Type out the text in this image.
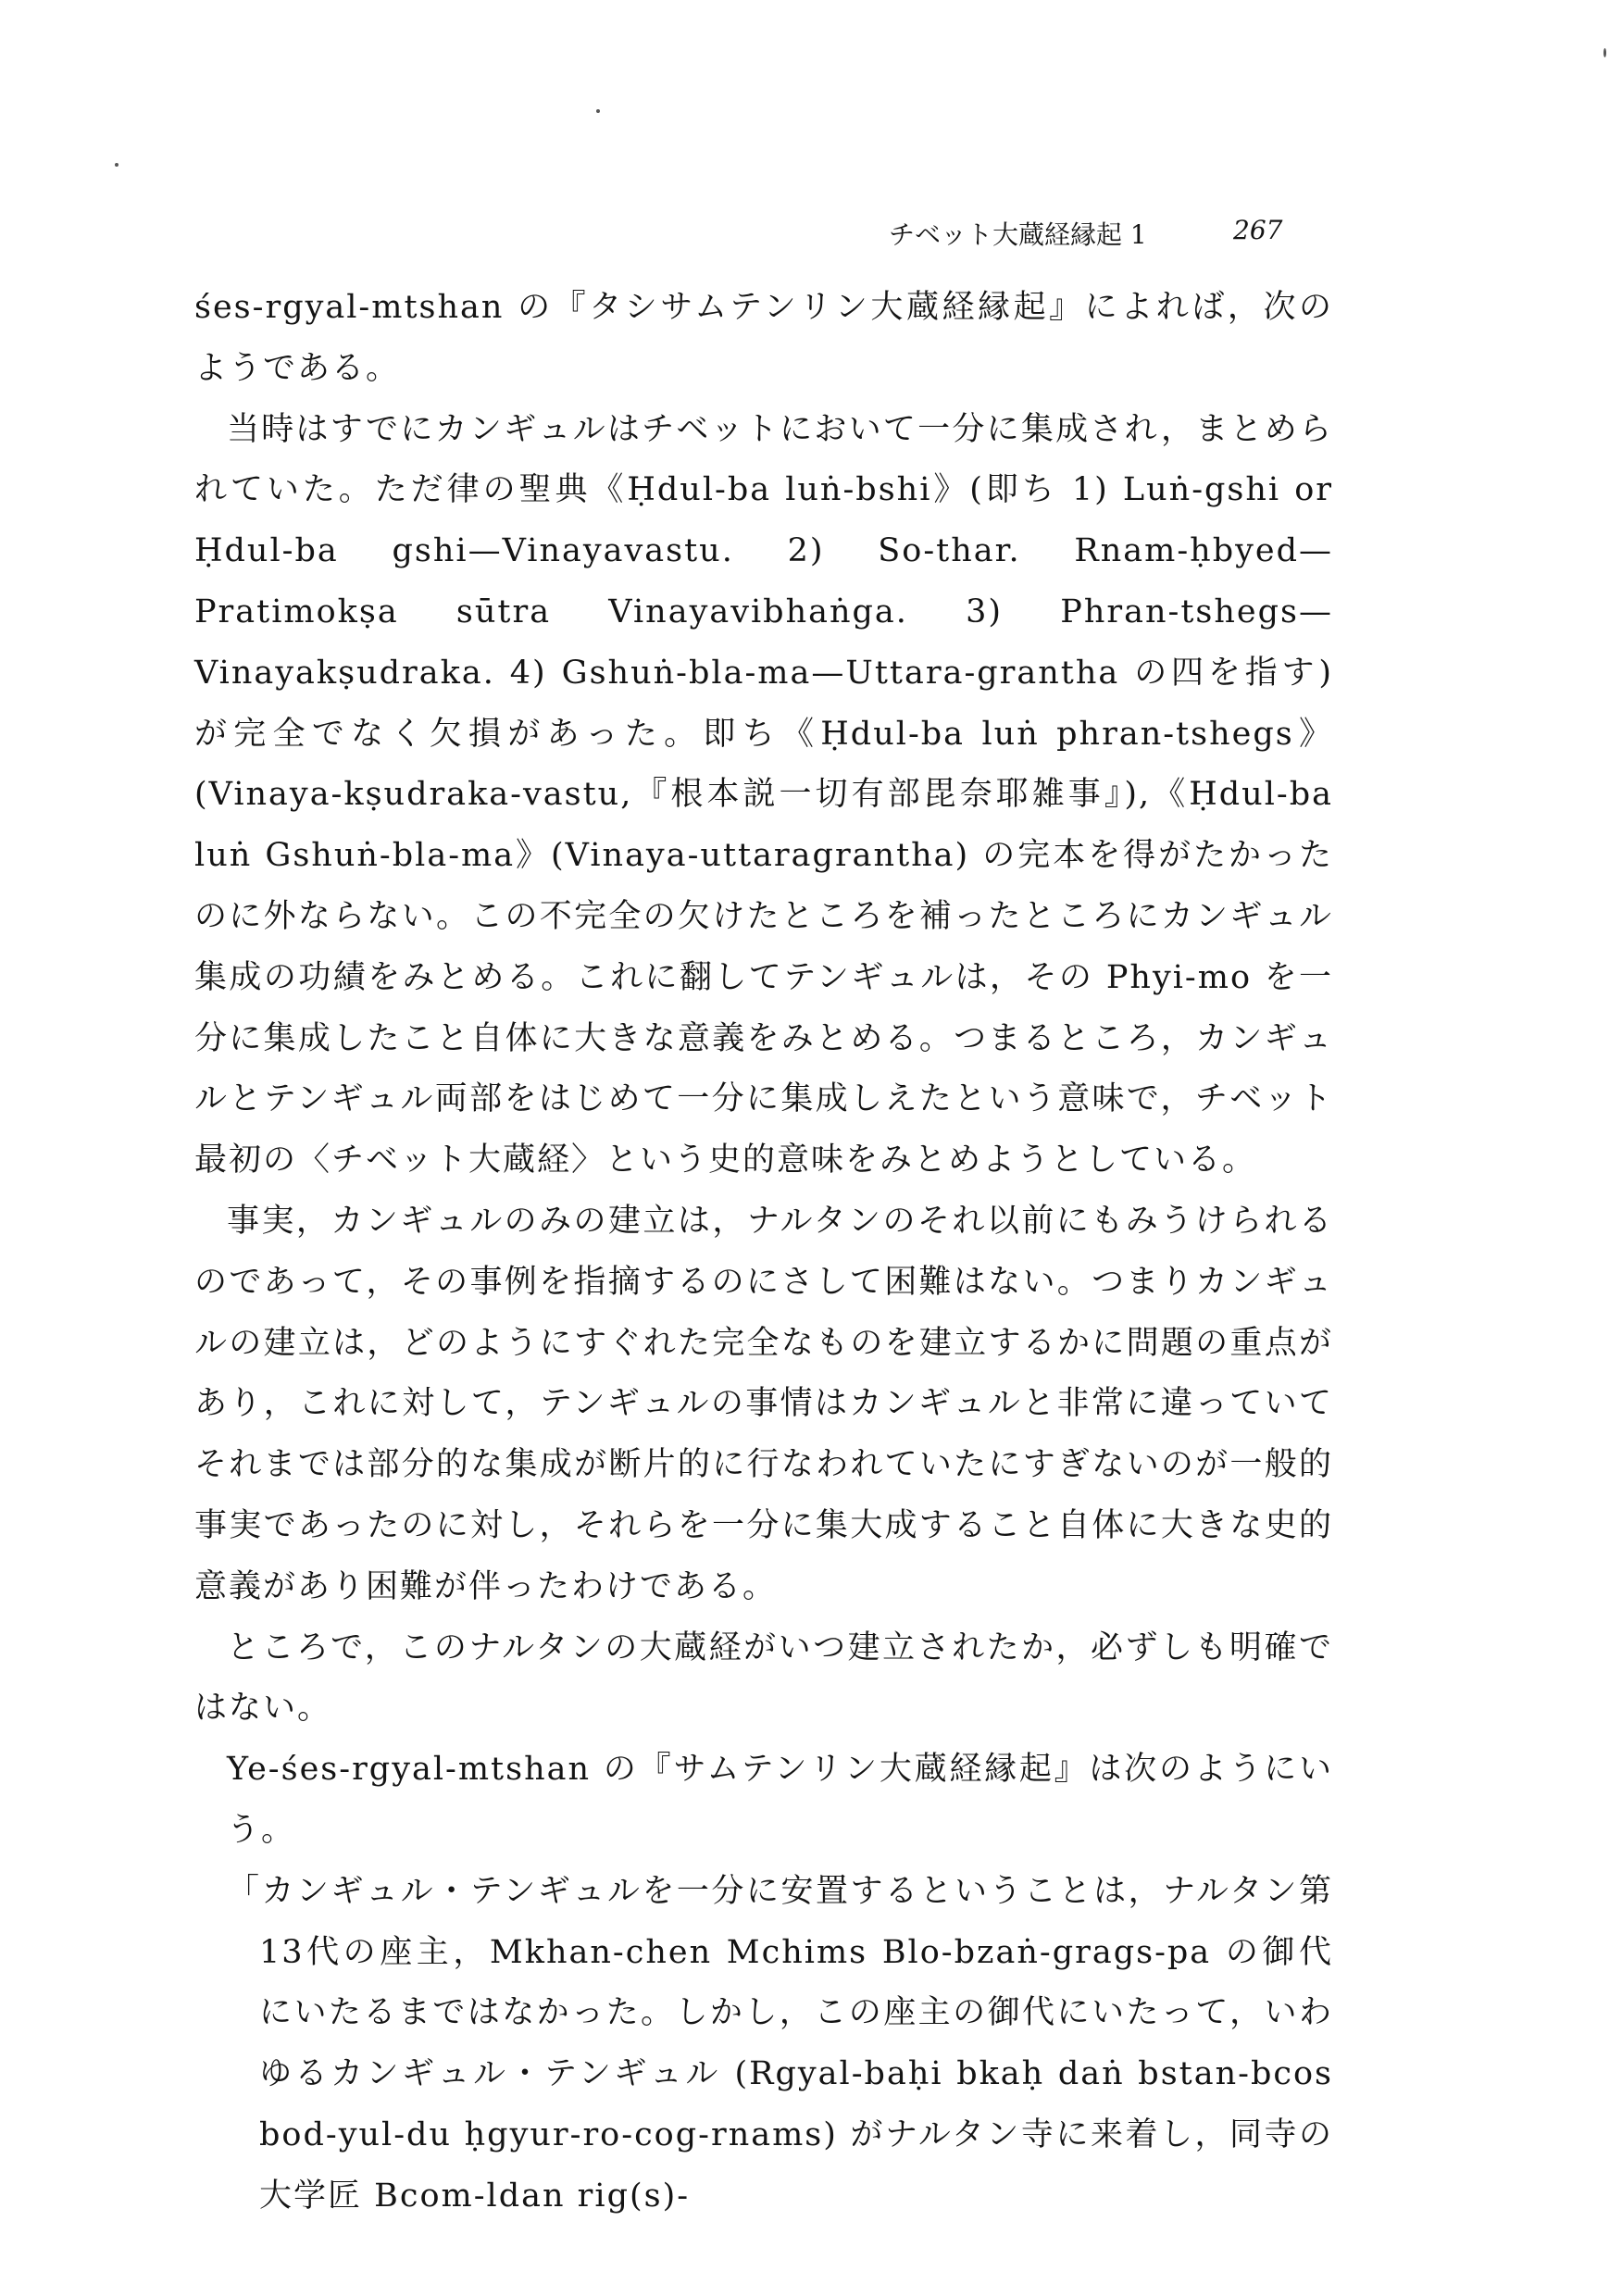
チベット大蔵経縁起 1	267

śes-rgyal-mtshan の『タシサムテンリン大蔵経縁起』によれば，次のようである。

当時はすでにカンギュルはチベットにおいて一分に集成され，まとめられていた。ただ律の聖典《Ḥdul-ba luṅ-bshi》(即ち 1) Luṅ-gshi or Ḥdul-ba gshi—Vinayavastu. 2) So-thar. Rnam-ḥbyed—Pratimokṣa sūtra Vinayavibhaṅga. 3) Phran-tshegs—Vinayakṣudraka. 4) Gshuṅ-bla-ma—Uttara-grantha の四を指す) が完全でなく欠損があった。即ち《Ḥdul-ba luṅ phran-tshegs》(Vinaya-kṣudraka-vastu,『根本説一切有部毘奈耶雑事』),《Ḥdul-ba luṅ Gshuṅ-bla-ma》(Vinaya-uttaragrantha) の完本を得がたかったのに外ならない。この不完全の欠けたところを補ったところにカンギュル集成の功績をみとめる。これに翻してテンギュルは，その Phyi-mo を一分に集成したこと自体に大きな意義をみとめる。つまるところ，カンギュルとテンギュル両部をはじめて一分に集成しえたという意味で，チベット最初の〈チベット大蔵経〉という史的意味をみとめようとしている。

事実，カンギュルのみの建立は，ナルタンのそれ以前にもみうけられるのであって，その事例を指摘するのにさして困難はない。つまりカンギュルの建立は，どのようにすぐれた完全なものを建立するかに問題の重点があり，これに対して，テンギュルの事情はカンギュルと非常に違っていてそれまでは部分的な集成が断片的に行なわれていたにすぎないのが一般的事実であったのに対し，それらを一分に集大成すること自体に大きな史的意義があり困難が伴ったわけである。

ところで，このナルタンの大蔵経がいつ建立されたか，必ずしも明確ではない。

Ye-śes-rgyal-mtshan の『サムテンリン大蔵経縁起』は次のようにいう。

「カンギュル・テンギュルを一分に安置するということは，ナルタン第13代の座主，Mkhan-chen Mchims Blo-bzaṅ-grags-pa の御代にいたるまではなかった。しかし，この座主の御代にいたって，いわゆるカンギュル・テンギュル (Rgyal-baḥi bkaḥ daṅ bstan-bcos bod-yul-du ḥgyur-ro-cog-rnams) がナルタン寺に来着し，同寺の大学匠 Bcom-ldan rig(s)-
